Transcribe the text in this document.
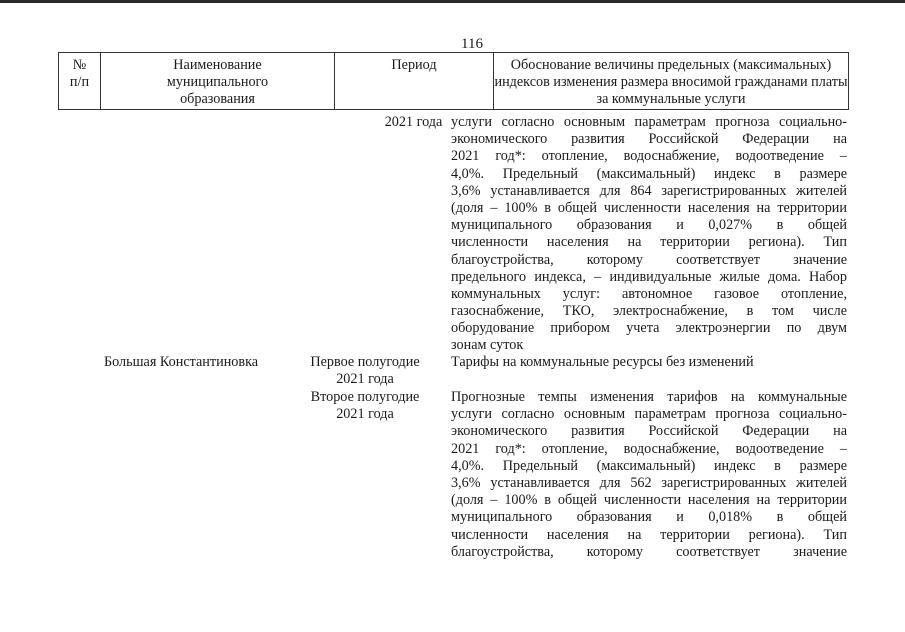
116
№
п/п
Наименование
муниципального
образования
Период	Обоснование величины предельных (максимальных)
индексов изменения размера вносимой гражданами платы
за коммунальные услуги
2021 года услуги согласно основным параметрам прогноза социально-
экономического развития Российской Федерации на
2021 год*: отопление, водоснабжение, водоотведение –
4,0%. Предельный (максимальный) индекс в размере
3,6% устанавливается для 864 зарегистрированных жителей
(доля – 100% в общей численности населения на территории
муниципального образования и 0,027% в общей
численности населения на территории региона). Тип
благоустройства, которому соответствует значение
предельного индекса, – индивидуальные жилые дома. Набор
коммунальных услуг: автономное газовое отопление,
газоснабжение, ТКО, электроснабжение, в том числе
оборудование прибором учета электроэнергии по двум
зонам суток
Большая Константиновка	Первое полугодие
2021 года
Тарифы на коммунальные ресурсы без изменений
Второе полугодие
2021 года
Прогнозные темпы изменения тарифов на коммунальные
услуги согласно основным параметрам прогноза социально-
экономического развития Российской Федерации на
2021 год*: отопление, водоснабжение, водоотведение –
4,0%. Предельный (максимальный) индекс в размере
3,6% устанавливается для 562 зарегистрированных жителей
(доля – 100% в общей численности населения на территории
муниципального образования и 0,018% в общей
численности населения на территории региона). Тип
благоустройства, которому соответствует значение
